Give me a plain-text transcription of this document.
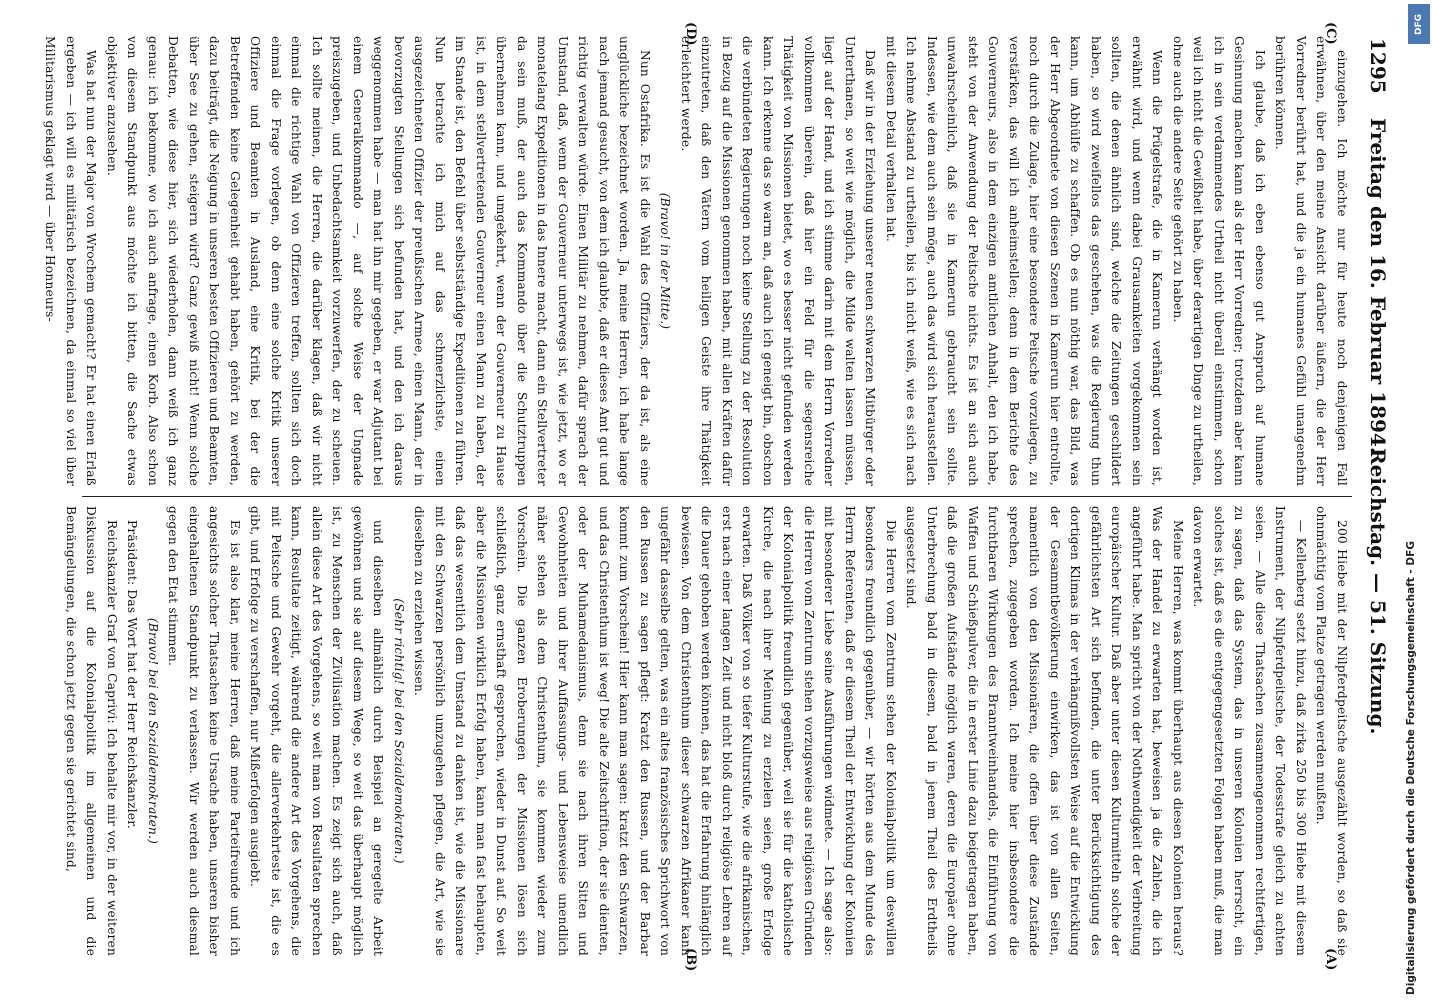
1295
Freitag den 16. Februar 1894.
Reichstag. — 51. Sitzung.

einzugehen. Ich möchte nur für heute noch denjenigen Fall erwähnen, über den meine Ansicht darüber äußern, die der Herr Vorredner berührt hat, und die ja ein humanes Gefühl unangenehm berühren können.

Ich glaube, daß ich eben ebenso gut Anspruch auf humane Gesinnung machen kann als der Herr Vorredner; trotzdem aber kann ich in sein verdammendes Urtheil nicht überall einstimmen, schon weil ich nicht die Gewißheit habe, über derartigen Dinge zu urtheilen, ohne auch die andere Seite gehört zu haben.

Wenn die Prügelstrafe, die in Kamerun verhängt worden ist, erwähnt wird, und wenn dabei Grausamkeiten vorgekommen sein sollten, die denen ähnlich sind, welche die Zeitungen geschildert haben, so wird zweifellos das geschehen, was die Regierung thun kann, um Abhülfe zu schaffen. Ob es nun nöthig war, das Bild, was der Herr Abgeordnete von diesen Szenen in Kamerun hier entrollte, noch durch die Zulage, hier eine besondere Peitsche vorzulegen, zu verstärken, das will ich anheimstellen; denn in dem Berichte des Gouverneurs, also in dem einzigen amtlichen Anhalt, den ich habe, steht von der Anwendung der Peitsche nichts. Es ist an sich auch unwahrscheinlich, daß sie in Kamerun gebraucht sein sollte. Indessen, wie dem auch sein möge, auch das wird sich herausstellen. Ich nehme Abstand zu urtheilen, bis ich nicht weiß, wie es sich nach mit diesem Detail verhalten hat.

Daß wir in der Erziehung unserer neuen schwarzen Mitbürger oder Unterthanen, so weit wie möglich, die Milde walten lassen müssen, liegt auf der Hand, und ich stimme darin mit dem Herrn Vorredner vollkommen überein, daß hier ein Feld für die segensreiche Thätigkeit von Missionen bietet, wo es besser nicht gefunden werden kann. Ich erkenne das so warm an, daß auch ich geneigt bin, obschon die verbündeten Regierungen noch keine Stellung zu der Resolution in Bezug auf die Missionen genommen haben, mit allen Kräften dafür einzutreten, daß den Vätern vom heiligen Geiste ihre Thätigkeit erleichtert werde.

(Bravo! in der Mitte.)

Nun Ostafrika. Es ist die Wahl des Offiziers, der da ist, als eine unglückliche bezeichnet worden. Ja, meine Herren, ich habe lange nach jemand gesucht, von dem ich glaubte, daß er dieses Amt gut und richtig verwalten würde. Einen Militär zu nehmen, dafür sprach der Umstand, daß, wenn der Gouverneur unterwegs ist, wie jetzt, wo er monatelang Expeditionen in das Innere macht, dann ein Stellvertreter da sein muß, der auch das Kommando über die Schutztruppen übernehmen kann, und umgekehrt, wenn der Gouverneur zu Hause ist, in dem stellvertretenden Gouverneur einen Mann zu haben, der im Stande ist, den Befehl über selbstständige Expeditionen zu führen. Nun betrachte ich mich auf das schmerzlichste, einen ausgezeichneten Offizier der preußischen Armee, einen Mann, der in bevorzugten Stellungen sich befunden hat, und den ich daraus weggenommen habe — man hat ihn mir gegeben, er war Adjutant bei einem Generalkommando —, auf solche Weise der Ungnade preiszugeben, und Unbedachtsamkeit vorzuwerfen, der zu scheuen. Ich sollte meinen, die Herren, die darüber klagen, daß wir nicht einmal die richtige Wahl von Offizieren treffen, sollten sich doch einmal die Frage vorlegen, ob denn eine solche Kritik unserer Offiziere und Beamten in Ausland, eine Kritik, bei der die Betreffenden keine Gelegenheit gehabt haben, gehört zu werden, dazu beiträgt, die Neigung in unseren besten Offizieren und Beamten, über See zu gehen, steigern wird? Ganz gewiß nicht! Wenn solche Debatten, wie diese hier, sich wiederholen, dann weiß ich ganz genau: ich bekomme, wo ich auch anfrage, einen Korb. Also schon von diesem Standpunkt aus möchte ich bitten, die Sache etwas objektiver anzusehen.

Was hat nun der Major von Wrochem gemacht? Er hat einen Erlaß ergeben — ich will es militärisch bezeichnen, da einmal so viel über Militarismus geklagt wird — über Honneurs-

200 Hiebe mit der Nilpferdpeitsche ausgezählt worden, so daß sie ohnmächtig vom Platze getragen werden mußten.

— Kellenberg setzt hinzu, daß zirka 250 bis 300 Hiebe mit diesem Instrument, der Nilpferdpeitsche, der Todesstrafe gleich zu achten seien. — Alle diese Thatsachen zusammengenommen rechtfertigen, zu sagen, daß das System, das in unseren Kolonien herrscht, ein solches ist, daß es die entgegengesetzten Folgen haben muß, die man davon erwartet.

Meine Herren, was kommt überhaupt aus diesen Kolonien heraus? Was der Handel zu erwarten hat, beweisen ja die Zahlen, die ich angeführt habe. Man spricht von der Nothwendigkeit der Verbreitung europäischer Kultur. Daß aber unter diesen Kulturmitteln solche der gefährlichsten Art sich befinden, die unter Berücksichtigung des dortigen Klimas in der verhängnißvollsten Weise auf die Entwicklung der Gesammtbevölkerung einwirken, das ist von allen Seiten, namentlich von den Missionären, die offen über diese Zustände sprechen, zugegeben worden. Ich meine hier insbesondere die furchtbaren Wirkungen des Branntweinhandels, die Einführung von Waffen und Schießpulver, die in erster Linie dazu beigetragen haben, daß die großen Aufstände möglich waren, deren die Europäer ohne Unterbrechung bald in diesem, bald in jenem Theil des Erdtheils ausgesetzt sind.

Die Herren vom Zentrum stehen der Kolonialpolitik um deswillen besonders freundlich gegenüber, — wir hörten aus dem Munde des Herrn Referenten, daß er diesem Theil der Entwicklung der Kolonien mit besonderer Liebe seine Ausführungen widmete. — Ich sage also: die Herren vom Zentrum stehen vorzugsweise aus religiösen Gründen der Kolonialpolitik freundlich gegenüber, weil sie für die katholische Kirche, die nach ihrer Meinung zu erzielen seien, große Erfolge erwarten. Daß Völker von so tiefer Kulturstufe, wie die afrikanischen, erst nach einer langen Zeit und nicht bloß durch religiöse Lehren auf die Dauer gehoben werden können, das hat die Erfahrung hinlänglich bewiesen. Von dem Christenthum dieser schwarzen Afrikaner kann ungefähr dasselbe gelten, was ein altes französisches Sprichwort von den Russen zu sagen pflegt: Kratzt den Russen, und der Barbar kommt zum Vorschein! Hier kann man sagen: kratzt den Schwarzen, und das Christenthum ist weg! Die alte Zeitschriftion, der sie dienten, oder der Muhamedanismus, denn sie nach ihren Sitten und Gewohnheiten und ihrer Auffassungs- und Lebensweise unendlich näher stehen als dem Christenthum, sie kommen wieder zum Vorschein. Die ganzen Eroberungen der Missionen lösen sich schließlich, ganz ernsthaft gesprochen, wieder in Dunst auf. So weit aber die Missionen wirklich Erfolg haben, kann man fast behaupten, daß das wesentlich dem Umstand zu danken ist, wie die Missionare mit den Schwarzen persönlich umzugehen pflegen, die Art, wie sie dieselben zu erziehen wissen.

(Sehr richtig! bei den Sozialdemokraten.)

und dieselben allmählich durch Beispiel an geregelte Arbeit gewöhnen und sie auf diesem Wege, so weit das überhaupt möglich ist, zu Menschen der Zivilisation machen. Es zeigt sich auch, daß allein diese Art des Vorgehens, so weit man von Resultaten sprechen kann, Resultate zeitigt, während die andere Art des Vorgehens, die mit Peitsche und Gewehr vorgeht, die allerverkehrteste ist, die es gibt, und Erfolge zu verschaffen, nur Mißerfolgen ausgiebt.

Es ist also klar, meine Herren, daß meine Parteifreunde und ich angesichts solcher Thatsachen keine Ursache haben, unseren bisher eingehaltenen Standpunkt zu verlassen. Wir werden auch diesmal gegen den Etat stimmen.

(Bravo! bei den Sozialdemokraten.)

Präsident: Das Wort hat der Herr Reichskanzler.

Reichskanzler Graf von Caprivi: Ich behalte mir vor, in der weiteren Diskussion auf die Kolonialpolitik im allgemeinen und die Bemängelungen, die schon jetzt gegen sie gerichtet sind,

(A)
(B)
(C)
(D)	DFG
Digitalisierung gefördert durch die Deutsche Forschungsgemeinschaft - DFG
